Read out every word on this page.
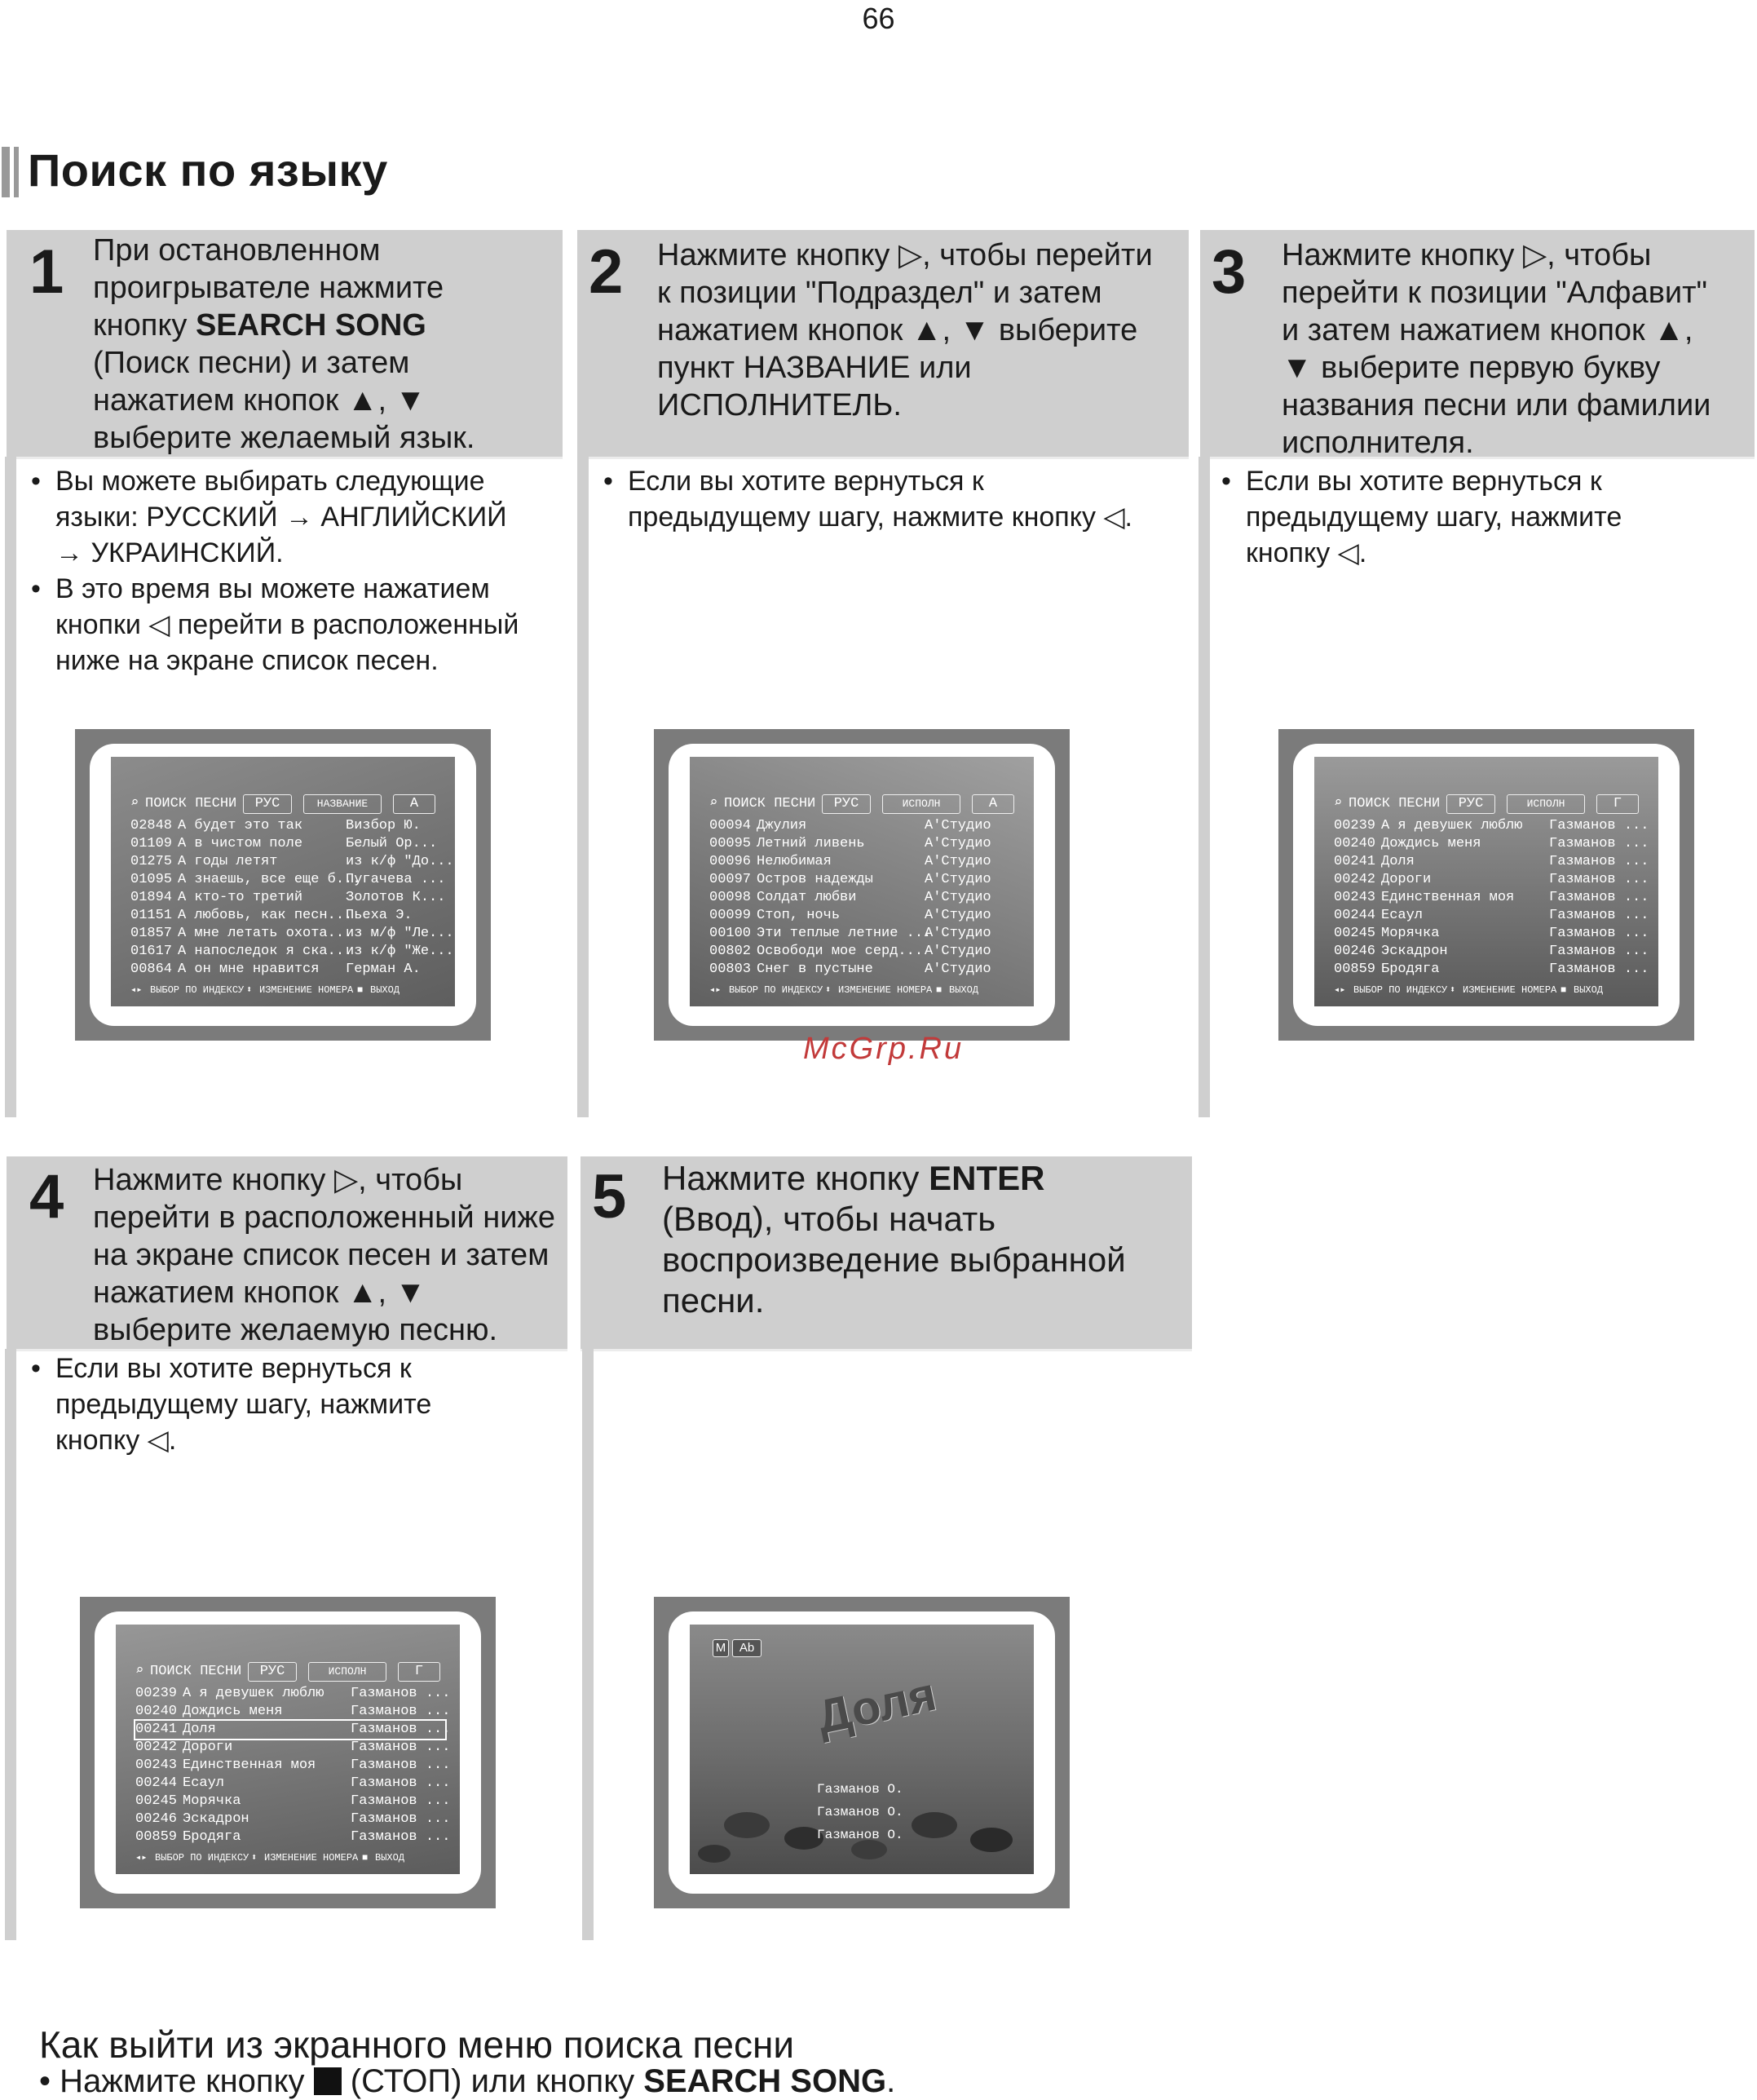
66
Поиск по языку
1 При остановленном
проигрывателе нажмите
кнопку SEARCH SONG
(Поиск песни) и затем
нажатием кнопок ▲, ▼
выберите желаемый язык.
• Вы можете выбирать следующие
языки: РУССКИЙ → АНГЛИЙСКИЙ
→ УКРАИНСКИЙ.
• В это время вы можете нажатием
кнопки ◁ перейти в расположенный
ниже на экране список песен.
2 Нажмите кнопку ▷, чтобы перейти
к позиции "Подраздел" и затем
нажатием кнопок ▲, ▼ выберите
пункт НАЗВАНИЕ или
ИСПОЛНИТЕЛЬ.
• Если вы хотите вернуться к
предыдущему шагу, нажмите кнопку ◁.
3 Нажмите кнопку ▷, чтобы
перейти к позиции "Алфавит"
и затем нажатием кнопок ▲,
▼ выберите первую букву
названия песни или фамилии
исполнителя.
• Если вы хотите вернуться к
предыдущему шагу, нажмите
кнопку ◁.
4 Нажмите кнопку ▷, чтобы
перейти в расположенный ниже
на экране список песен и затем
нажатием кнопок ▲, ▼
выберите желаемую песню.
• Если вы хотите вернуться к
предыдущему шагу, нажмите
кнопку ◁.
5 Нажмите кнопку ENTER
(Ввод), чтобы начать
воспроизведение выбранной
песни.
⌕ ПОИСК ПЕСНИ РУС	НАЗВАНИЕ	А
02848 А будет это так	Визбор Ю.
01109 А в чистом поле	Белый Ор...
01275 А годы летят	из к/ф "До...
01095 А знаешь, все еще б...Пугачева ...
01894 А кто-то третий	Золотов К...
01151 А любовь, как песн...Пьеха Э.
01857 А мне летать охота...из м/ф "Ле...
01617 А напоследок я ска...из к/ф "Же...
00864 А он мне нравится Герман А.
◂▸ ВЫБОР ПО ИНДЕКСУ ⬍ ИЗМЕНЕНИЕ НОМЕРА ■ ВЫХОД
⌕ ПОИСК ПЕСНИ РУС	ИСПОЛН	А
00094 Джулия	А'Студио
00095 Летний ливень	А'Студио
00096 Нелюбимая	А'Студио
00097 Остров надежды	А'Студио
00098 Солдат любви	А'Студио
00099 Стоп, ночь	А'Студио
00100 Эти теплые летние ...А'Студио
00802 Освободи мое серд... А'Студио
00803 Снег в пустыне	А'Студио
◂▸ ВЫБОР ПО ИНДЕКСУ ⬍ ИЗМЕНЕНИЕ НОМЕРА ■ ВЫХОД
⌕ ПОИСК ПЕСНИ РУС	ИСПОЛН	Г
00239 А я девушек люблю Газманов ...
00240 Дождись меня	Газманов ...
00241 Доля	Газманов ...
00242 Дороги	Газманов ...
00243 Единственная моя	Газманов ...
00244 Есаул	Газманов ...
00245 Морячка	Газманов ...
00246 Эскадрон	Газманов ...
00859 Бродяга	Газманов ...
◂▸ ВЫБОР ПО ИНДЕКСУ ⬍ ИЗМЕНЕНИЕ НОМЕРА ■ ВЫХОД
⌕ ПОИСК ПЕСНИ РУС	ИСПОЛН	Г
00239 А я девушек люблю Газманов ...
00240 Дождись меня	Газманов ...
00241 Доля	Газманов ...
00242 Дороги	Газманов ...
00243 Единственная моя	Газманов ...
00244 Есаул	Газманов ...
00245 Морячка	Газманов ...
00246 Эскадрон	Газманов ...
00859 Бродяга	Газманов ...
◂▸ ВЫБОР ПО ИНДЕКСУ ⬍ ИЗМЕНЕНИЕ НОМЕРА ■ ВЫХОД
M	Ab
Доля
Газманов О.
Газманов О.
Газманов О.
McGrp.Ru
Как выйти из экранного меню поиска песни
• Нажмите кнопку  (СТОП) или кнопку SEARCH SONG.
